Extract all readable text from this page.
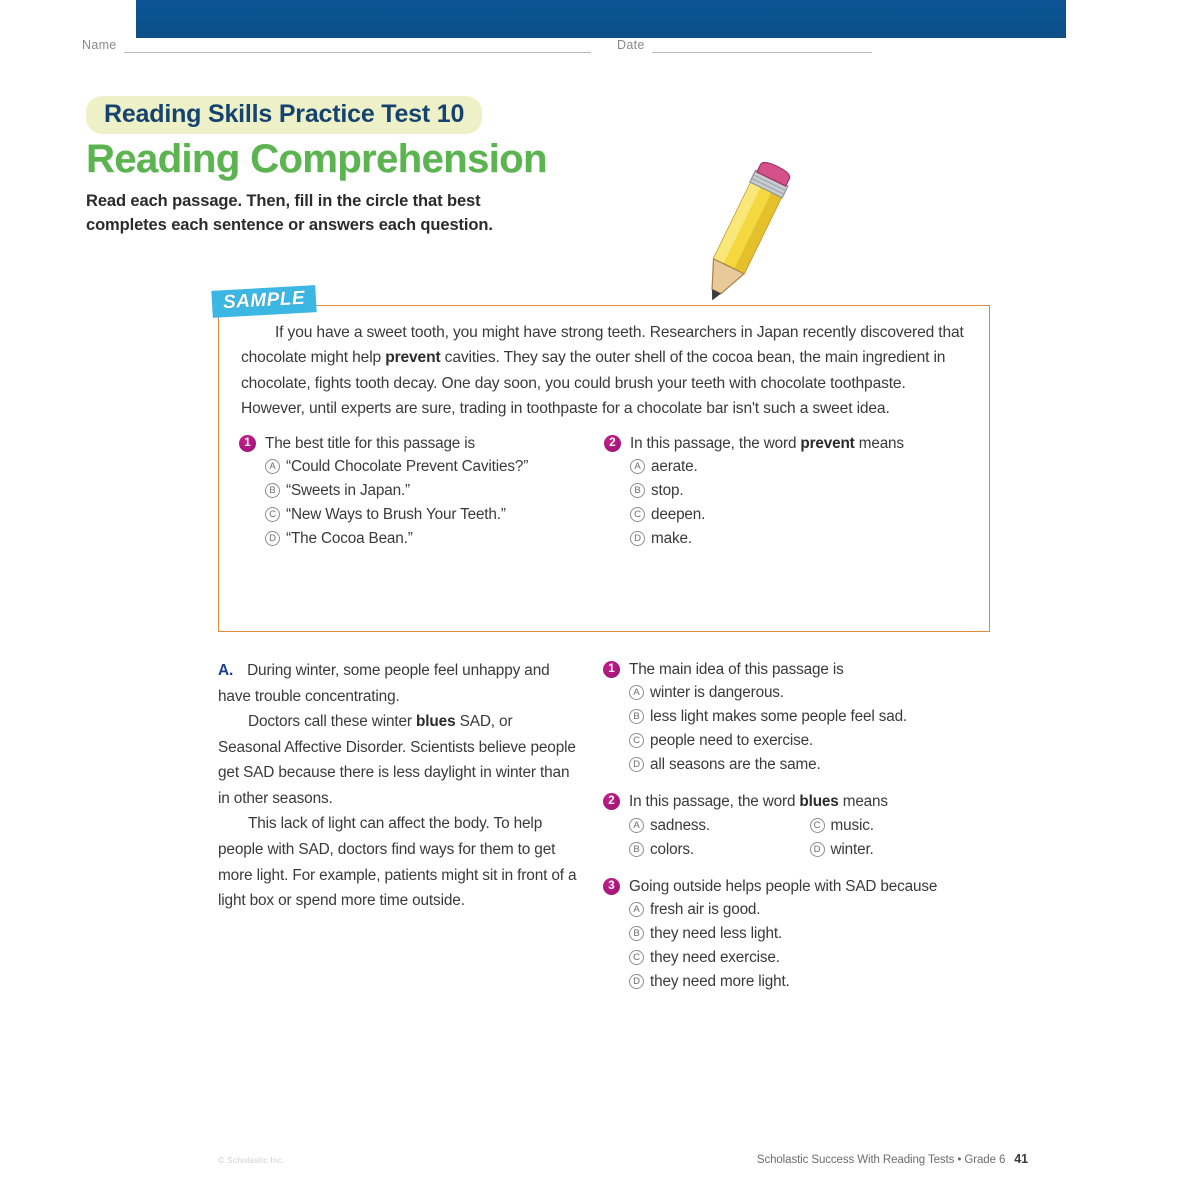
Name	Date
Reading Skills Practice Test 10
Reading Comprehension
Read each passage. Then, fill in the circle that best completes each sentence or answers each question.
SAMPLE
If you have a sweet tooth, you might have strong teeth. Researchers in Japan recently discovered that chocolate might help prevent cavities. They say the outer shell of the cocoa bean, the main ingredient in chocolate, fights tooth decay. One day soon, you could brush your teeth with chocolate toothpaste. However, until experts are sure, trading in toothpaste for a chocolate bar isn't such a sweet idea.
1 The best title for this passage is
A “Could Chocolate Prevent Cavities?”
B “Sweets in Japan.”
C “New Ways to Brush Your Teeth.”
D “The Cocoa Bean.”
2 In this passage, the word prevent means
A aerate.
B stop.
C deepen.
D make.
A. During winter, some people feel unhappy and have trouble concentrating.
Doctors call these winter blues SAD, or Seasonal Affective Disorder. Scientists believe people get SAD because there is less daylight in winter than in other seasons.
This lack of light can affect the body. To help people with SAD, doctors find ways for them to get more light. For example, patients might sit in front of a light box or spend more time outside.
1 The main idea of this passage is
A winter is dangerous.
B less light makes some people feel sad.
C people need to exercise.
D all seasons are the same.
2 In this passage, the word blues means
A sadness.
B colors.
C music.
D winter.
3 Going outside helps people with SAD because
A fresh air is good.
B they need less light.
C they need exercise.
D they need more light.
© Scholastic Inc.	Scholastic Success With Reading Tests • Grade 6 41
